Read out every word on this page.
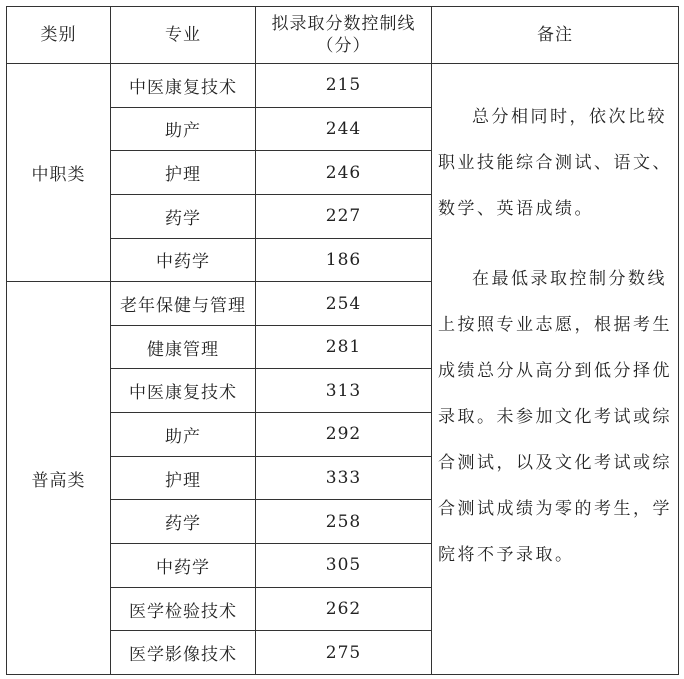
类别	专业	拟录取分数控制线
（分）	备注
中职类	中医康复技术	215	总分相同时，依次比较职业技能综合测试、语文、数学、英语成绩。
在最低录取控制分数线上按照专业志愿，根据考生成绩总分从高分到低分择优录取。未参加文化考试或综合测试，以及文化考试或综合测试成绩为零的考生，学院将不予录取。

	助产	244	
	护理	246	
	药学	227	
	中药学	186	
普高类	老年保健与管理	254	
	健康管理	281	
	中医康复技术	313	
	助产	292	
	护理	333	
	药学	258	
	中药学	305	
	医学检验技术	262	
	医学影像技术	275	
